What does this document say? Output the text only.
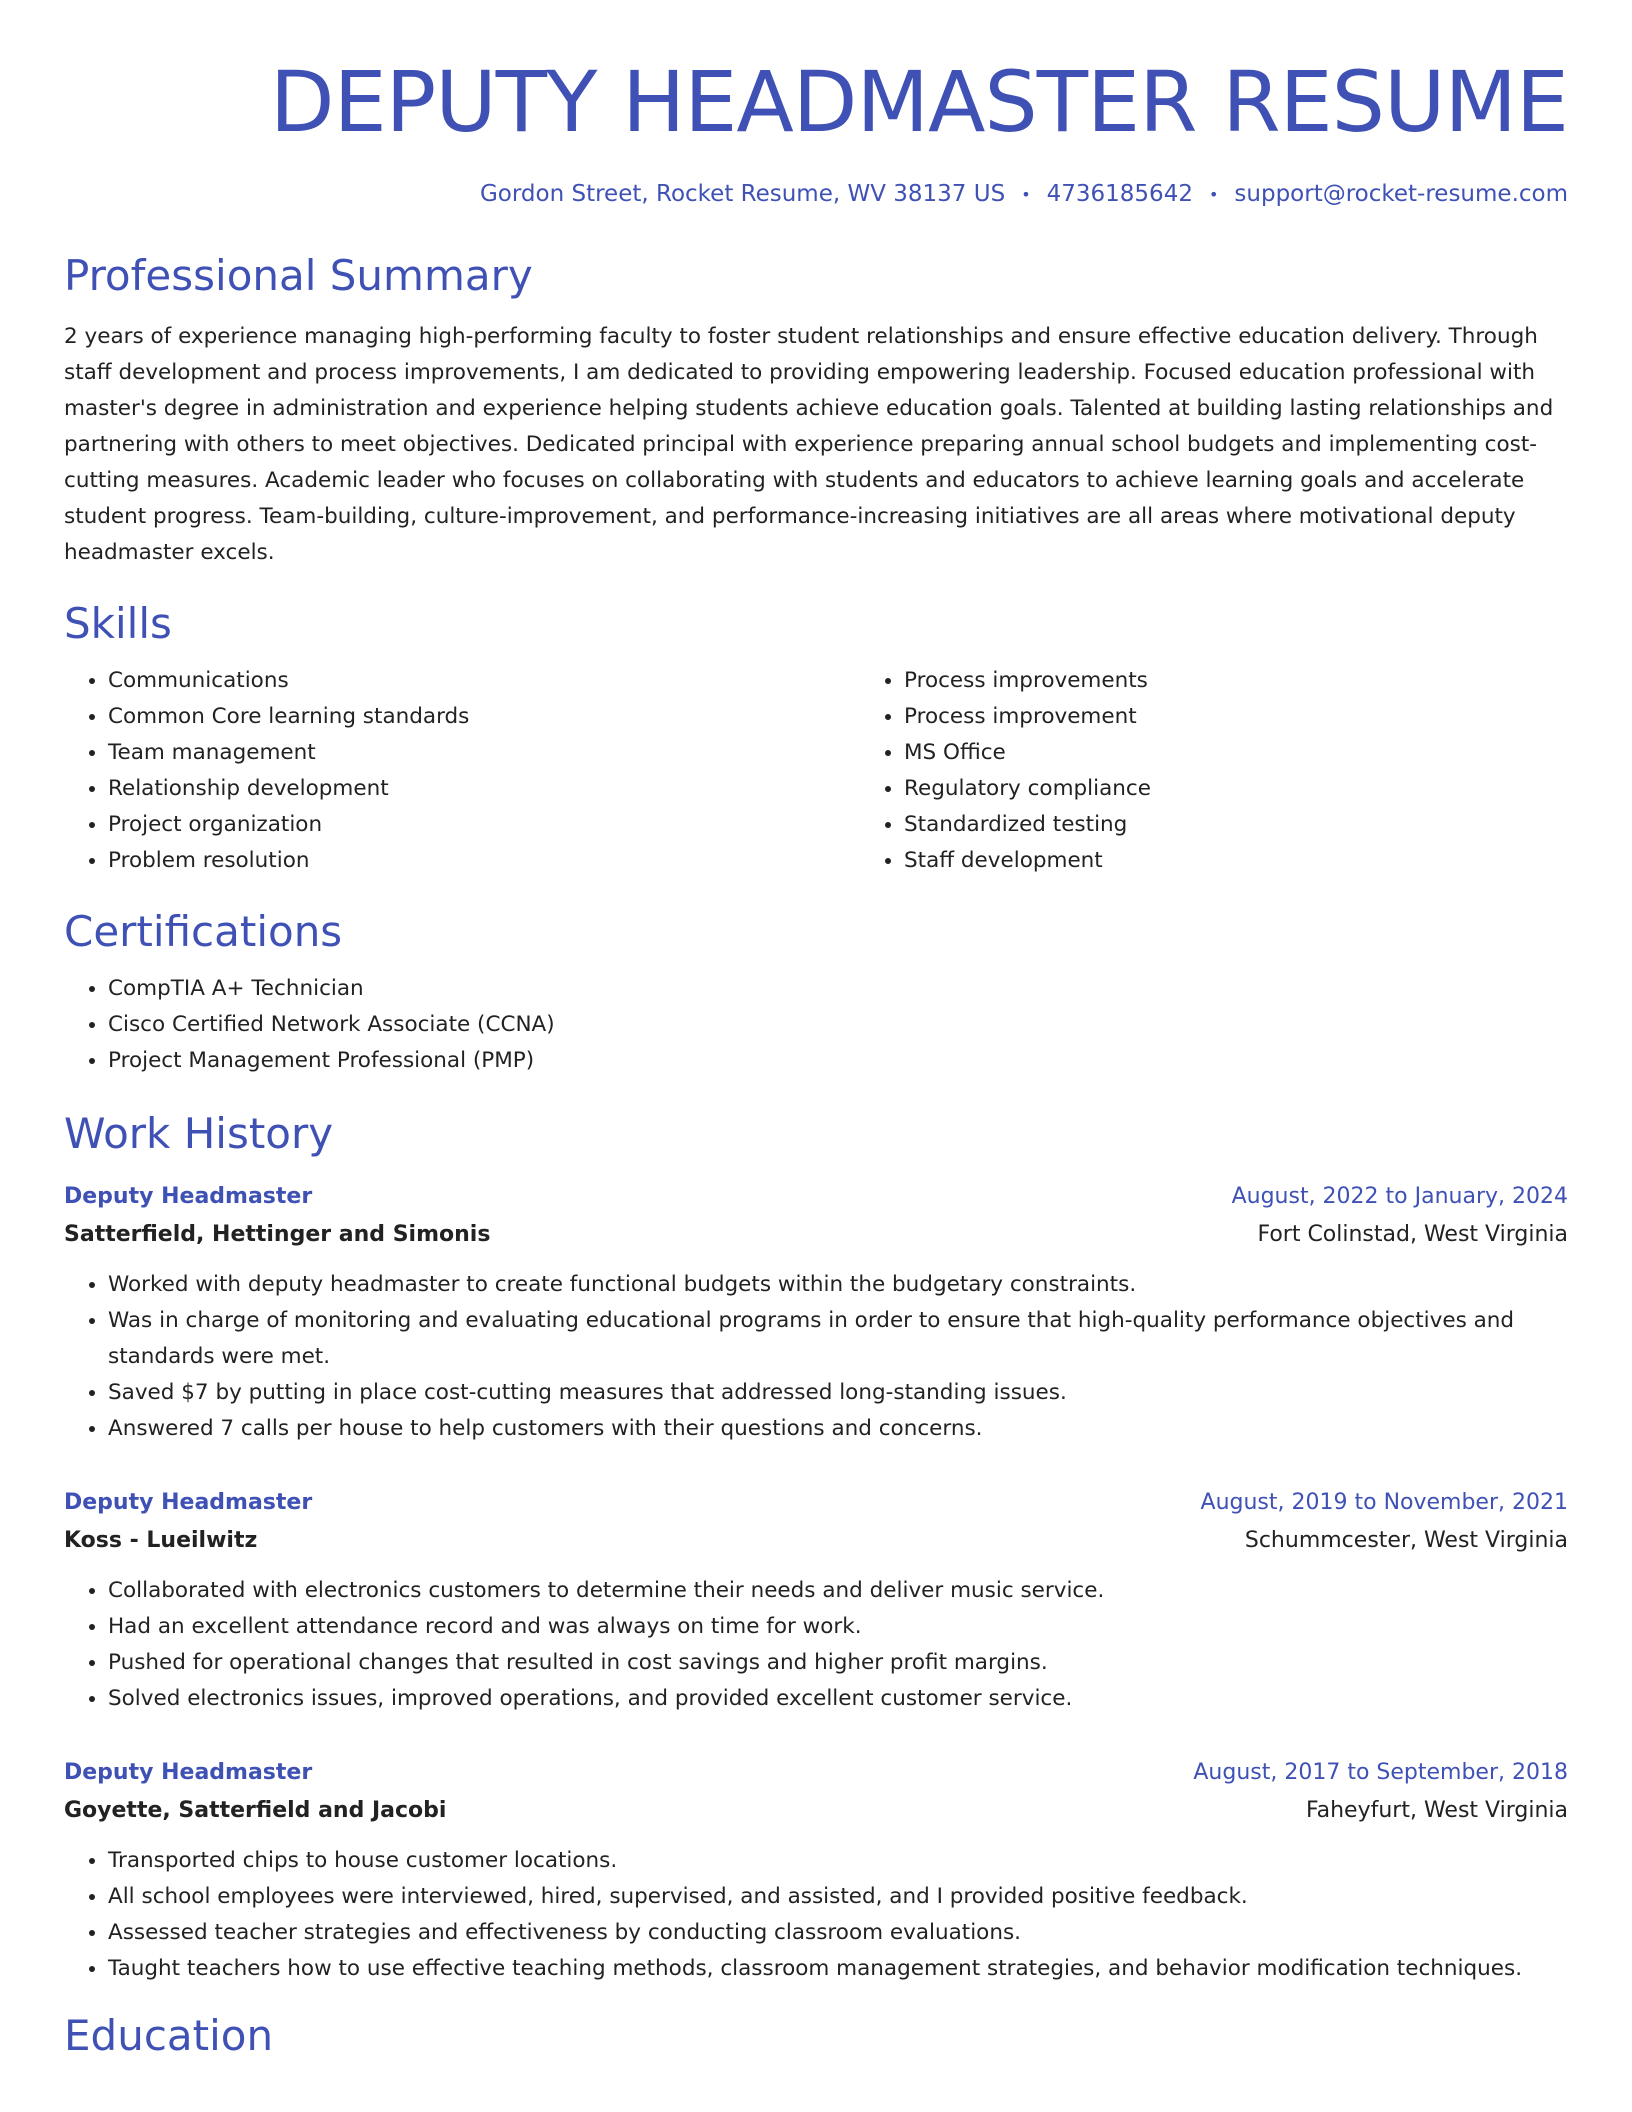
DEPUTY HEADMASTER RESUME
Gordon Street, Rocket Resume, WV 38137 US • 4736185642 • support@rocket-resume.com
Professional Summary

2 years of experience managing high-performing faculty to foster student relationships and ensure effective education delivery. Through staff development and process improvements, I am dedicated to providing empowering leadership. Focused education professional with master's degree in administration and experience helping students achieve education goals. Talented at building lasting relationships and partnering with others to meet objectives. Dedicated principal with experience preparing annual school budgets and implementing cost-cutting measures. Academic leader who focuses on collaborating with students and educators to achieve learning goals and accelerate student progress. Team-building, culture-improvement, and performance-increasing initiatives are all areas where motivational deputy headmaster excels.

Skills
• Communications
• Common Core learning standards
• Team management
• Relationship development
• Project organization
• Problem resolution
• Process improvements
• Process improvement
• MS Office
• Regulatory compliance
• Standardized testing
• Staff development
Certifications
• CompTIA A+ Technician
• Cisco Certified Network Associate (CCNA)
• Project Management Professional (PMP)
Work History
Deputy Headmaster	August, 2022 to January, 2024
Satterfield, Hettinger and Simonis	Fort Colinstad, West Virginia
• Worked with deputy headmaster to create functional budgets within the budgetary constraints.
• Was in charge of monitoring and evaluating educational programs in order to ensure that high-quality performance objectives and standards were met.
• Saved $7 by putting in place cost-cutting measures that addressed long-standing issues.
• Answered 7 calls per house to help customers with their questions and concerns.
Deputy Headmaster	August, 2019 to November, 2021
Koss - Lueilwitz	Schummcester, West Virginia
• Collaborated with electronics customers to determine their needs and deliver music service.
• Had an excellent attendance record and was always on time for work.
• Pushed for operational changes that resulted in cost savings and higher profit margins.
• Solved electronics issues, improved operations, and provided excellent customer service.
Deputy Headmaster	August, 2017 to September, 2018
Goyette, Satterfield and Jacobi	Faheyfurt, West Virginia
• Transported chips to house customer locations.
• All school employees were interviewed, hired, supervised, and assisted, and I provided positive feedback.
• Assessed teacher strategies and effectiveness by conducting classroom evaluations.
• Taught teachers how to use effective teaching methods, classroom management strategies, and behavior modification techniques.
Education
